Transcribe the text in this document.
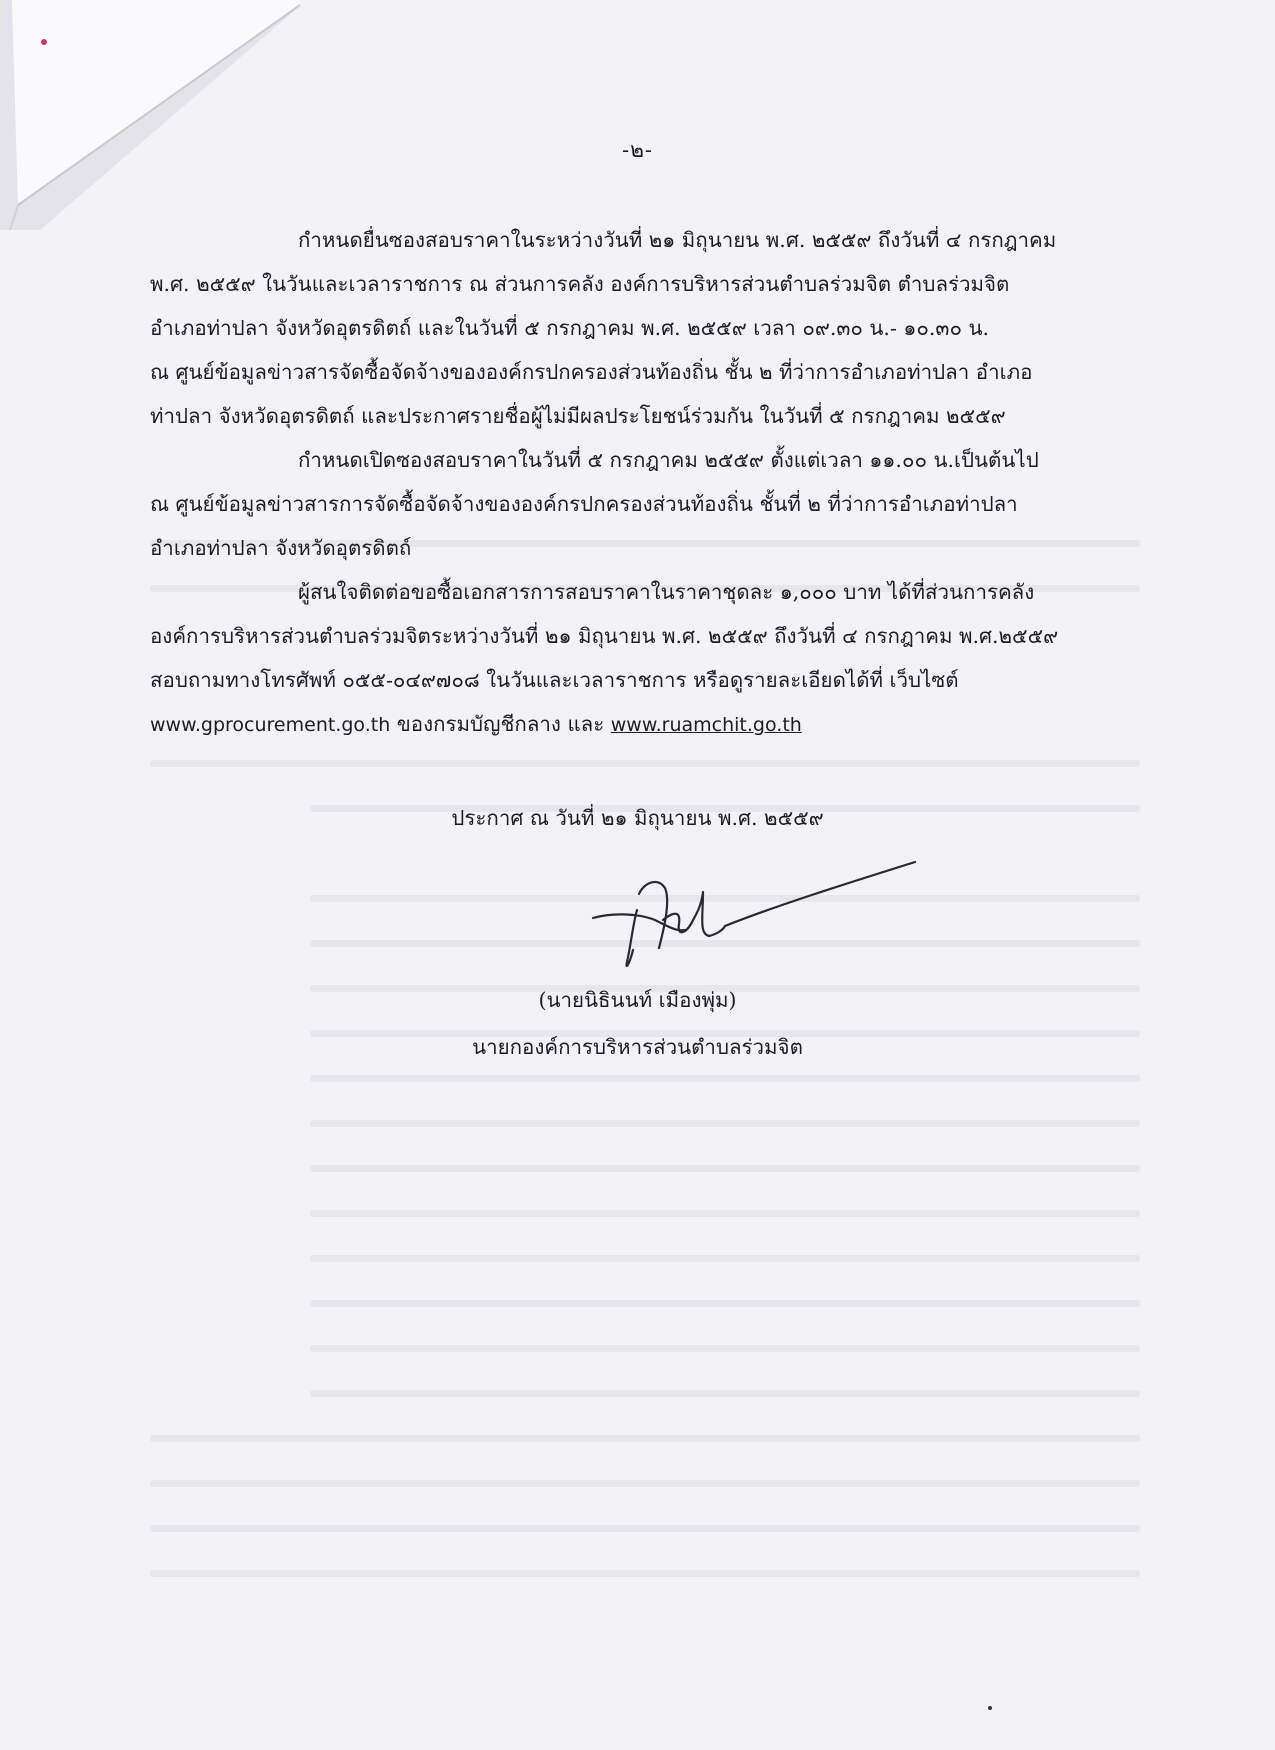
-๒-

กำหนดยื่นซองสอบราคาในระหว่างวันที่ ๒๑ มิถุนายน พ.ศ. ๒๕๕๙ ถึงวันที่ ๔ กรกฎาคม
พ.ศ. ๒๕๕๙ ในวันและเวลาราชการ ณ ส่วนการคลัง องค์การบริหารส่วนตำบลร่วมจิต ตำบลร่วมจิต
อำเภอท่าปลา จังหวัดอุตรดิตถ์ และในวันที่ ๕ กรกฎาคม พ.ศ. ๒๕๕๙ เวลา ๐๙.๓๐ น.- ๑๐.๓๐ น.
ณ ศูนย์ข้อมูลข่าวสารจัดซื้อจัดจ้างขององค์กรปกครองส่วนท้องถิ่น ชั้น ๒ ที่ว่าการอำเภอท่าปลา อำเภอ
ท่าปลา จังหวัดอุตรดิตถ์ และประกาศรายชื่อผู้ไม่มีผลประโยชน์ร่วมกัน ในวันที่ ๕ กรกฎาคม ๒๕๕๙

กำหนดเปิดซองสอบราคาในวันที่ ๕ กรกฎาคม ๒๕๕๙ ตั้งแต่เวลา ๑๑.๐๐ น.เป็นต้นไป
ณ ศูนย์ข้อมูลข่าวสารการจัดซื้อจัดจ้างขององค์กรปกครองส่วนท้องถิ่น ชั้นที่ ๒ ที่ว่าการอำเภอท่าปลา
อำเภอท่าปลา จังหวัดอุตรดิตถ์

ผู้สนใจติดต่อขอซื้อเอกสารการสอบราคาในราคาชุดละ ๑,๐๐๐ บาท ได้ที่ส่วนการคลัง
องค์การบริหารส่วนตำบลร่วมจิตระหว่างวันที่ ๒๑ มิถุนายน พ.ศ. ๒๕๕๙ ถึงวันที่ ๔ กรกฎาคม พ.ศ.๒๕๕๙
สอบถามทางโทรศัพท์ ๐๕๕-๐๔๙๗๐๘ ในวันและเวลาราชการ หรือดูรายละเอียดได้ที่ เว็บไซต์
www.gprocurement.go.th ของกรมบัญชีกลาง และ www.ruamchit.go.th

ประกาศ ณ วันที่ ๒๑ มิถุนายน พ.ศ. ๒๕๕๙
(นายนิธินนท์ เมืองพุ่ม)
นายกองค์การบริหารส่วนตำบลร่วมจิต
